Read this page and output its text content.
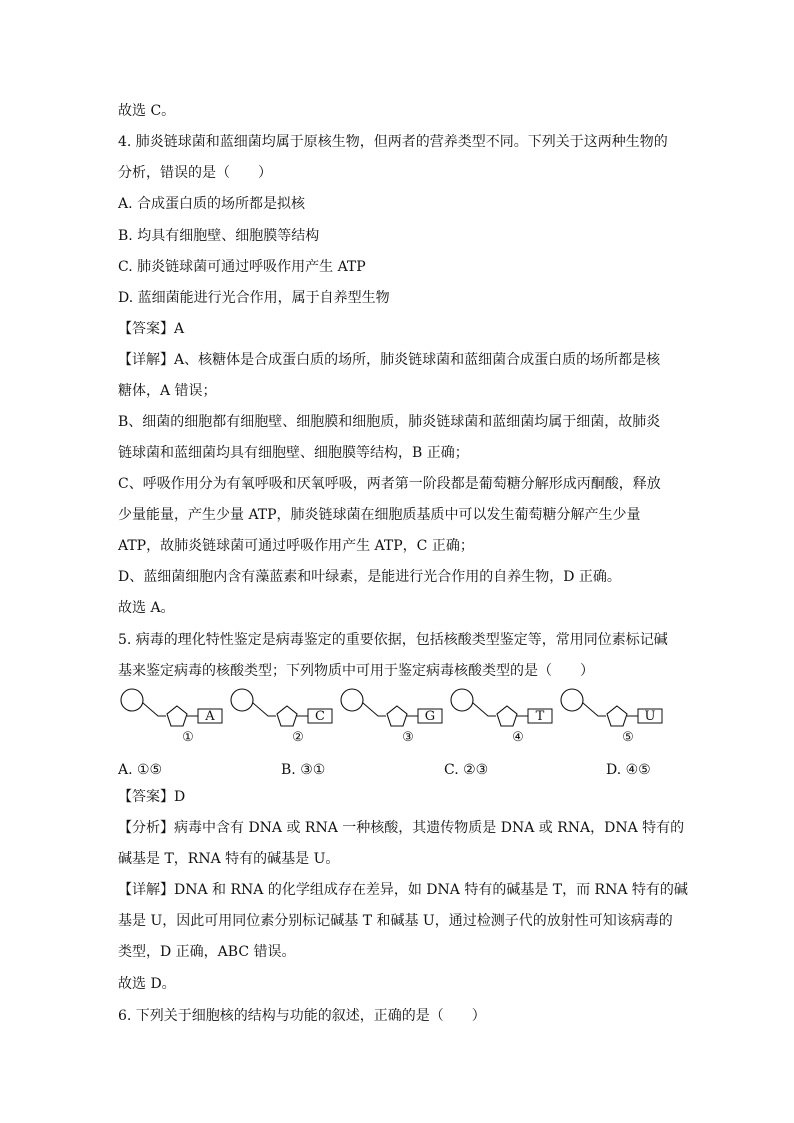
故选 C。
4. 肺炎链球菌和蓝细菌均属于原核生物，但两者的营养类型不同。下列关于这两种生物的
分析，错误的是（　　）
A. 合成蛋白质的场所都是拟核
B. 均具有细胞壁、细胞膜等结构
C. 肺炎链球菌可通过呼吸作用产生 ATP
D. 蓝细菌能进行光合作用，属于自养型生物
【答案】A
【详解】A、核糖体是合成蛋白质的场所，肺炎链球菌和蓝细菌合成蛋白质的场所都是核
糖体，A 错误；
B、细菌的细胞都有细胞壁、细胞膜和细胞质，肺炎链球菌和蓝细菌均属于细菌，故肺炎
链球菌和蓝细菌均具有细胞壁、细胞膜等结构，B 正确；
C、呼吸作用分为有氧呼吸和厌氧呼吸，两者第一阶段都是葡萄糖分解形成丙酮酸，释放
少量能量，产生少量 ATP，肺炎链球菌在细胞质基质中可以发生葡萄糖分解产生少量
ATP，故肺炎链球菌可通过呼吸作用产生 ATP，C 正确；
D、蓝细菌细胞内含有藻蓝素和叶绿素，是能进行光合作用的自养生物，D 正确。
故选 A。
5. 病毒的理化特性鉴定是病毒鉴定的重要依据，包括核酸类型鉴定等，常用同位素标记碱
基来鉴定病毒的核酸类型；下列物质中可用于鉴定病毒核酸类型的是（　　）
A
①
C
②
G
③
T
④
U
⑤
A. ①⑤	B. ③①	C. ②③	D. ④⑤
【答案】D
【分析】病毒中含有 DNA 或 RNA 一种核酸，其遗传物质是 DNA 或 RNA，DNA 特有的
碱基是 T，RNA 特有的碱基是 U。
【详解】DNA 和 RNA 的化学组成存在差异，如 DNA 特有的碱基是 T，而 RNA 特有的碱
基是 U，因此可用同位素分别标记碱基 T 和碱基 U，通过检测子代的放射性可知该病毒的
类型，D 正确，ABC 错误。
故选 D。
6. 下列关于细胞核的结构与功能的叙述，正确的是（　　）
